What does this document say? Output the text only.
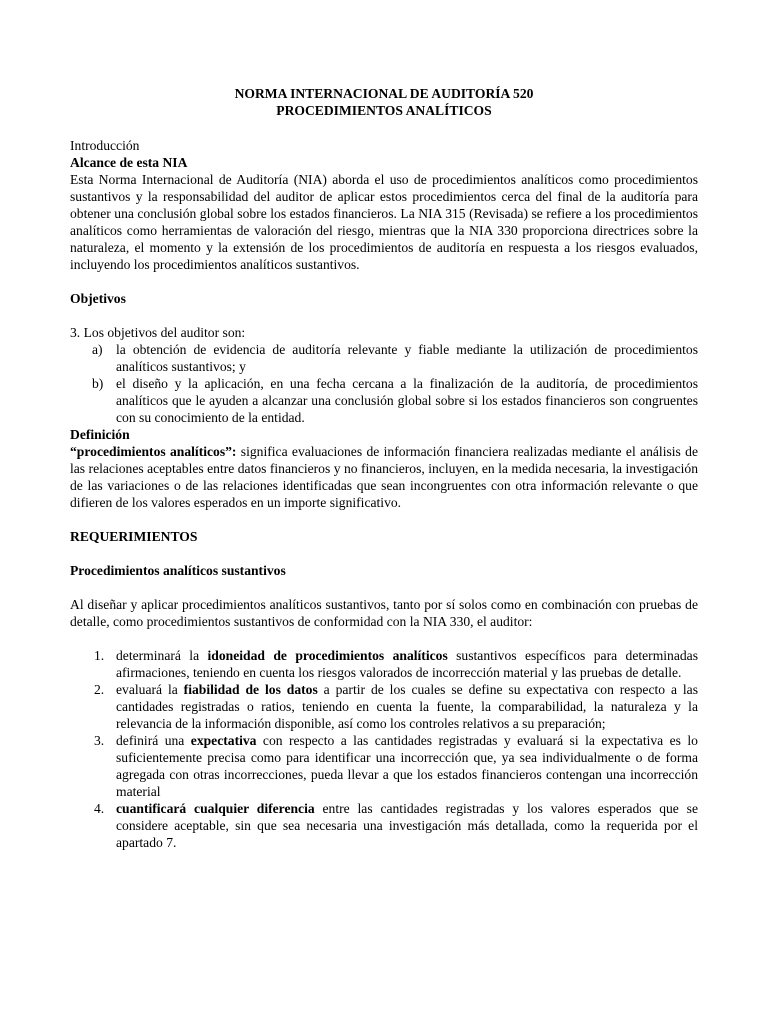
NORMA INTERNACIONAL DE AUDITORÍA 520
PROCEDIMIENTOS ANALÍTICOS
Introducción
Alcance de esta NIA
Esta Norma Internacional de Auditoría (NIA) aborda el uso de procedimientos analíticos como procedimientos sustantivos y la responsabilidad del auditor de aplicar estos procedimientos cerca del final de la auditoría para obtener una conclusión global sobre los estados financieros. La NIA 315 (Revisada) se refiere a los procedimientos analíticos como herramientas de valoración del riesgo, mientras que la NIA 330 proporciona directrices sobre la naturaleza, el momento y la extensión de los procedimientos de auditoría en respuesta a los riesgos evaluados, incluyendo los procedimientos analíticos sustantivos.
Objetivos
3. Los objetivos del auditor son:
a) la obtención de evidencia de auditoría relevante y fiable mediante la utilización de procedimientos analíticos sustantivos; y
b) el diseño y la aplicación, en una fecha cercana a la finalización de la auditoría, de procedimientos analíticos que le ayuden a alcanzar una conclusión global sobre si los estados financieros son congruentes con su conocimiento de la entidad.
Definición
“procedimientos analíticos”: significa evaluaciones de información financiera realizadas mediante el análisis de las relaciones aceptables entre datos financieros y no financieros, incluyen, en la medida necesaria, la investigación de las variaciones o de las relaciones identificadas que sean incongruentes con otra información relevante o que difieren de los valores esperados en un importe significativo.
REQUERIMIENTOS
Procedimientos analíticos sustantivos
Al diseñar y aplicar procedimientos analíticos sustantivos, tanto por sí solos como en combinación con pruebas de detalle, como procedimientos sustantivos de conformidad con la NIA 330, el auditor:
1. determinará la idoneidad de procedimientos analíticos sustantivos específicos para determinadas afirmaciones, teniendo en cuenta los riesgos valorados de incorrección material y las pruebas de detalle.
2. evaluará la fiabilidad de los datos a partir de los cuales se define su expectativa con respecto a las cantidades registradas o ratios, teniendo en cuenta la fuente, la comparabilidad, la naturaleza y la relevancia de la información disponible, así como los controles relativos a su preparación;
3. definirá una expectativa con respecto a las cantidades registradas y evaluará si la expectativa es lo suficientemente precisa como para identificar una incorrección que, ya sea individualmente o de forma agregada con otras incorrecciones, pueda llevar a que los estados financieros contengan una incorrección material
4. cuantificará cualquier diferencia entre las cantidades registradas y los valores esperados que se considere aceptable, sin que sea necesaria una investigación más detallada, como la requerida por el apartado 7.
